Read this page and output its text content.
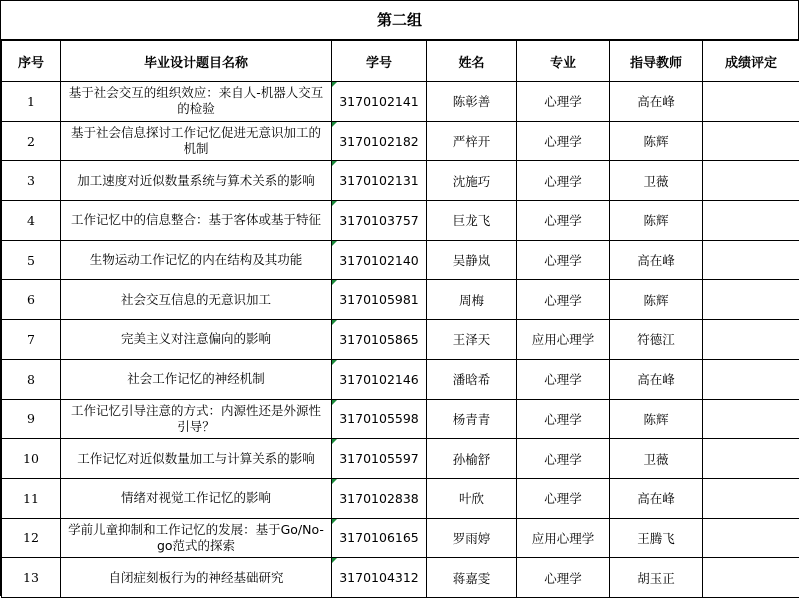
第二组
序号	毕业设计题目名称	学号	姓名	专业	指导教师	成绩评定
1	基于社会交互的组织效应：来自人-机器人交互的检验	3170102141	陈彰善	心理学	高在峰	
2	基于社会信息探讨工作记忆促进无意识加工的机制	3170102182	严梓开	心理学	陈辉	
3	加工速度对近似数量系统与算术关系的影响	3170102131	沈施巧	心理学	卫薇	
4	工作记忆中的信息整合：基于客体或基于特征	3170103757	巨龙飞	心理学	陈辉	
5	生物运动工作记忆的内在结构及其功能	3170102140	吴静岚	心理学	高在峰	
6	社会交互信息的无意识加工	3170105981	周梅	心理学	陈辉	
7	完美主义对注意偏向的影响	3170105865	王泽天	应用心理学	符德江	
8	社会工作记忆的神经机制	3170102146	潘晗希	心理学	高在峰	
9	工作记忆引导注意的方式：内源性还是外源性引导？	3170105598	杨青青	心理学	陈辉	
10	工作记忆对近似数量加工与计算关系的影响	3170105597	孙榆舒	心理学	卫薇	
11	情绪对视觉工作记忆的影响	3170102838	叶欣	心理学	高在峰	
12	学前儿童抑制和工作记忆的发展：基于Go/No-go范式的探索	3170106165	罗雨婷	应用心理学	王腾飞	
13	自闭症刻板行为的神经基础研究	3170104312	蒋嘉雯	心理学	胡玉正	
